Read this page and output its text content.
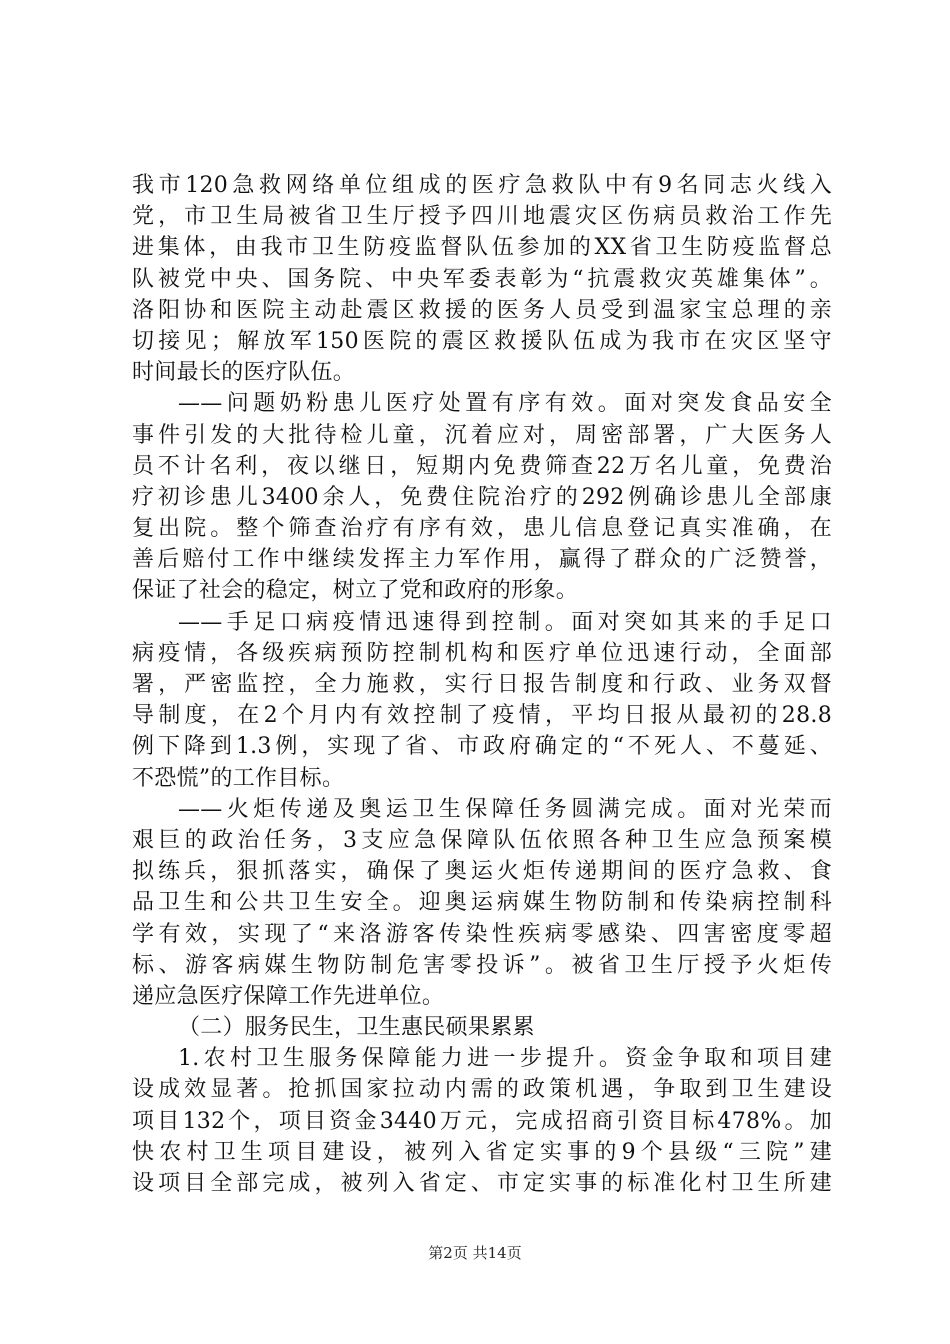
我市120急救网络单位组成的医疗急救队中有9名同志火线入
党，市卫生局被省卫生厅授予四川地震灾区伤病员救治工作先
进集体，由我市卫生防疫监督队伍参加的XX省卫生防疫监督总
队被党中央、国务院、中央军委表彰为“抗震救灾英雄集体”。
洛阳协和医院主动赴震区救援的医务人员受到温家宝总理的亲
切接见；解放军150医院的震区救援队伍成为我市在灾区坚守
时间最长的医疗队伍。
——问题奶粉患儿医疗处置有序有效。面对突发食品安全
事件引发的大批待检儿童，沉着应对，周密部署，广大医务人
员不计名利，夜以继日，短期内免费筛查22万名儿童，免费治
疗初诊患儿3400余人，免费住院治疗的292例确诊患儿全部康
复出院。整个筛查治疗有序有效，患儿信息登记真实准确，在
善后赔付工作中继续发挥主力军作用，赢得了群众的广泛赞誉，
保证了社会的稳定，树立了党和政府的形象。
——手足口病疫情迅速得到控制。面对突如其来的手足口
病疫情，各级疾病预防控制机构和医疗单位迅速行动，全面部
署，严密监控，全力施救，实行日报告制度和行政、业务双督
导制度，在2个月内有效控制了疫情，平均日报从最初的28.8
例下降到1.3例，实现了省、市政府确定的“不死人、不蔓延、
不恐慌”的工作目标。
——火炬传递及奥运卫生保障任务圆满完成。面对光荣而
艰巨的政治任务，3支应急保障队伍依照各种卫生应急预案模
拟练兵，狠抓落实，确保了奥运火炬传递期间的医疗急救、食
品卫生和公共卫生安全。迎奥运病媒生物防制和传染病控制科
学有效，实现了“来洛游客传染性疾病零感染、四害密度零超
标、游客病媒生物防制危害零投诉”。被省卫生厅授予火炬传
递应急医疗保障工作先进单位。
（二）服务民生，卫生惠民硕果累累
1.农村卫生服务保障能力进一步提升。资金争取和项目建
设成效显著。抢抓国家拉动内需的政策机遇，争取到卫生建设
项目132个，项目资金3440万元，完成招商引资目标478%。加
快农村卫生项目建设，被列入省定实事的9个县级“三院”建
设项目全部完成，被列入省定、市定实事的标准化村卫生所建
第2页 共14页
